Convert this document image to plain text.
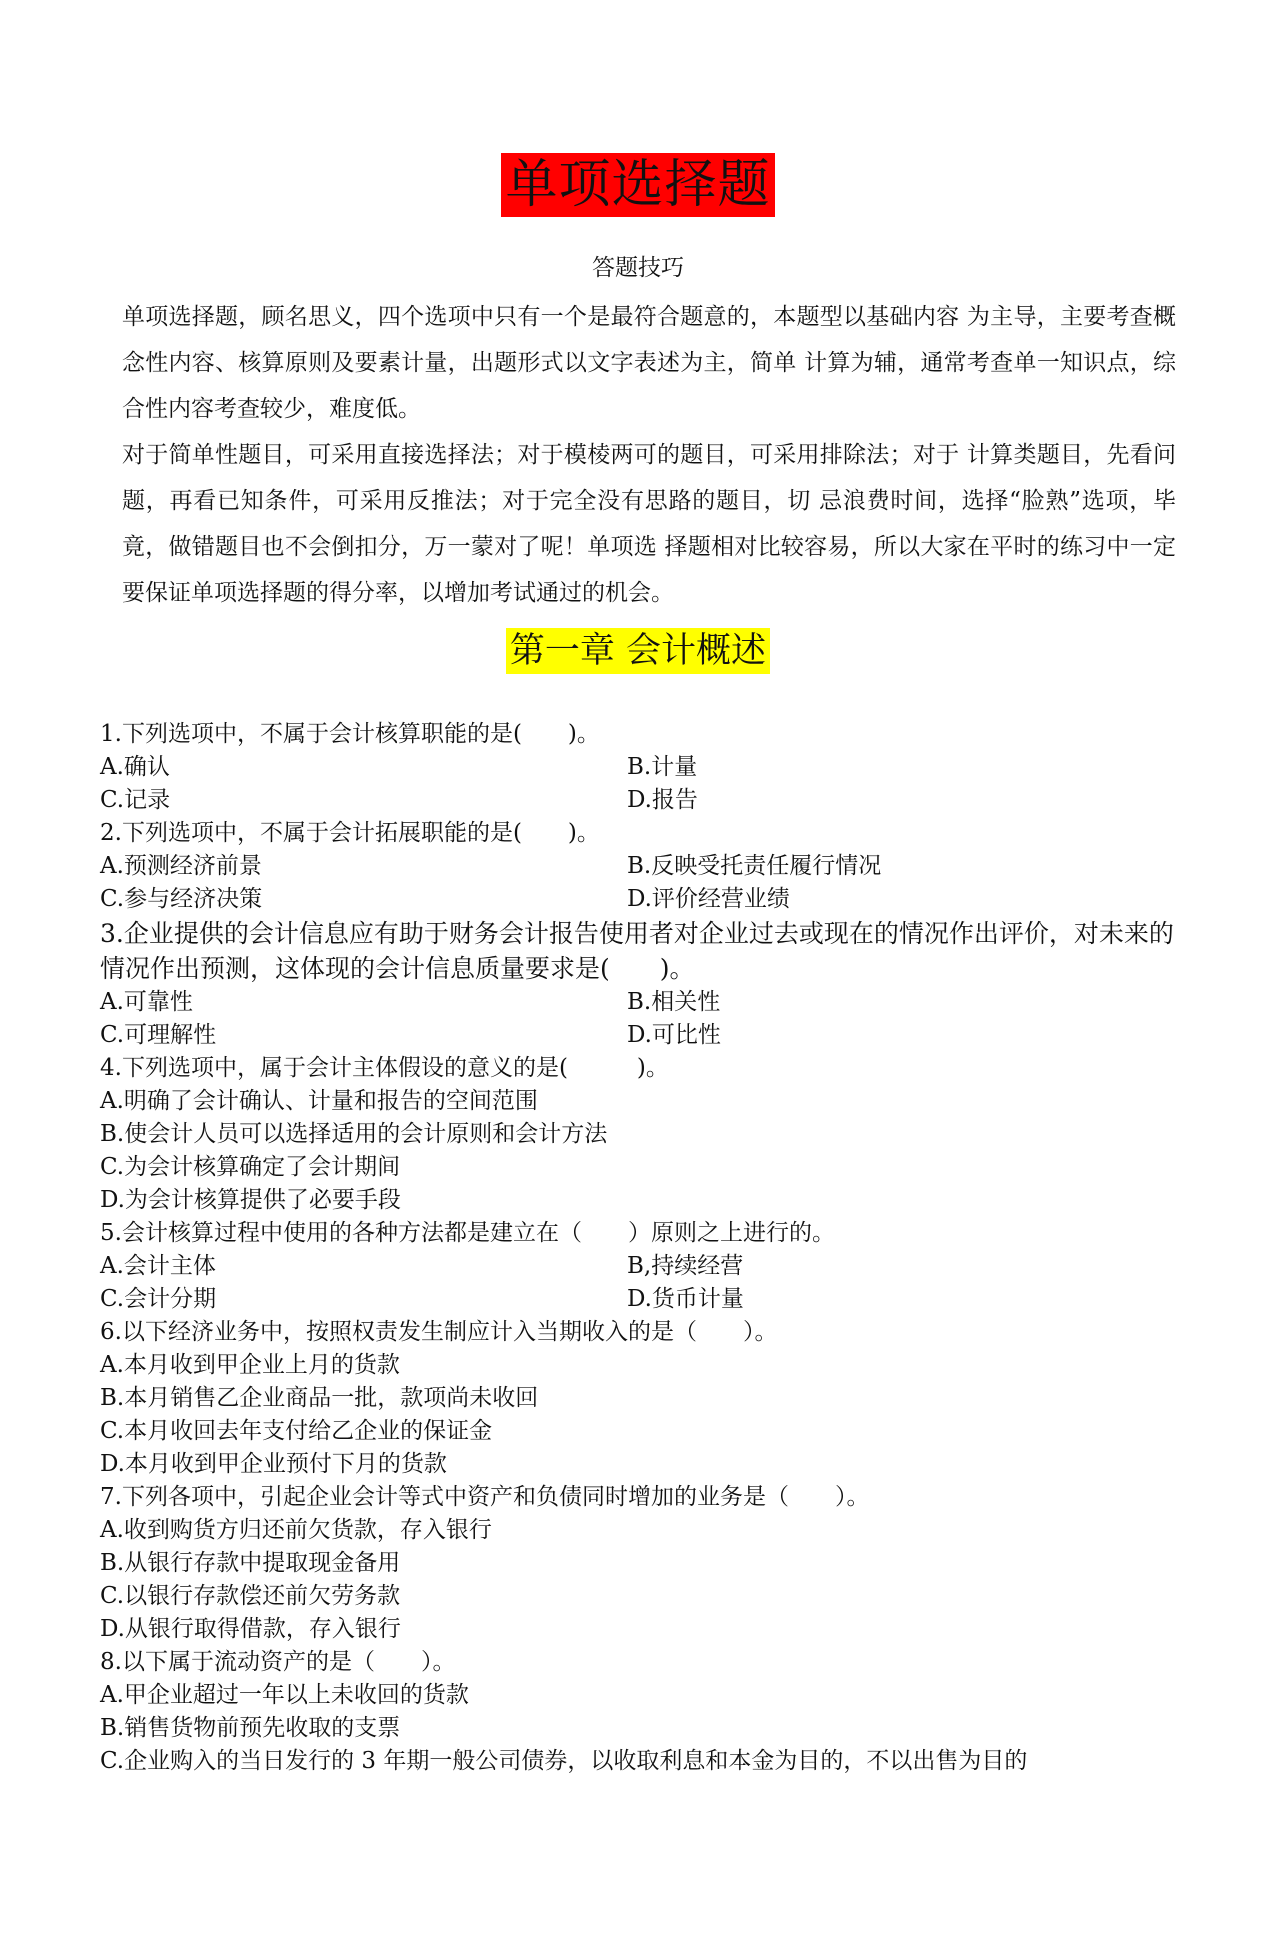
单项选择题
答题技巧

单项选择题，顾名思义，四个选项中只有一个是最符合题意的，本题型以基础内容 为主导，主要考查概念性内容、核算原则及要素计量，出题形式以文字表述为主，简单 计算为辅，通常考查单一知识点，综合性内容考查较少，难度低。

对于简单性题目，可采用直接选择法；对于模棱两可的题目，可采用排除法；对于 计算类题目，先看问题，再看已知条件，可采用反推法；对于完全没有思路的题目，切 忌浪费时间，选择“脸熟”选项，毕竟，做错题目也不会倒扣分，万一蒙对了呢！单项选 择题相对比较容易，所以大家在平时的练习中一定要保证单项选择题的得分率，以增加考试通过的机会。

第一章 会计概述
1.下列选项中，不属于会计核算职能的是(　　)。
A.确认	B.计量
C.记录	D.报告
2.下列选项中，不属于会计拓展职能的是(　　)。
A.预测经济前景	B.反映受托责任履行情况
C.参与经济决策	D.评价经营业绩
3.企业提供的会计信息应有助于财务会计报告使用者对企业过去或现在的情况作出评价，对未来的情况作出预测，这体现的会计信息质量要求是(　　)。
A.可靠性	B.相关性
C.可理解性	D.可比性
4.下列选项中，属于会计主体假设的意义的是(　　　)。
A.明确了会计确认、计量和报告的空间范围
B.使会计人员可以选择适用的会计原则和会计方法
C.为会计核算确定了会计期间
D.为会计核算提供了必要手段
5.会计核算过程中使用的各种方法都是建立在（　　）原则之上进行的。
A.会计主体	B,持续经营
C.会计分期	D.货币计量
6.以下经济业务中，按照权责发生制应计入当期收入的是（　　）。
A.本月收到甲企业上月的货款
B.本月销售乙企业商品一批，款项尚未收回
C.本月收回去年支付给乙企业的保证金
D.本月收到甲企业预付下月的货款
7.下列各项中，引起企业会计等式中资产和负债同时增加的业务是（　　）。
A.收到购货方归还前欠货款，存入银行
B.从银行存款中提取现金备用
C.以银行存款偿还前欠劳务款
D.从银行取得借款，存入银行
8.以下属于流动资产的是（　　）。
A.甲企业超过一年以上未收回的货款
B.销售货物前预先收取的支票
C.企业购入的当日发行的 3 年期一般公司债券，以收取利息和本金为目的，不以出售为目的
